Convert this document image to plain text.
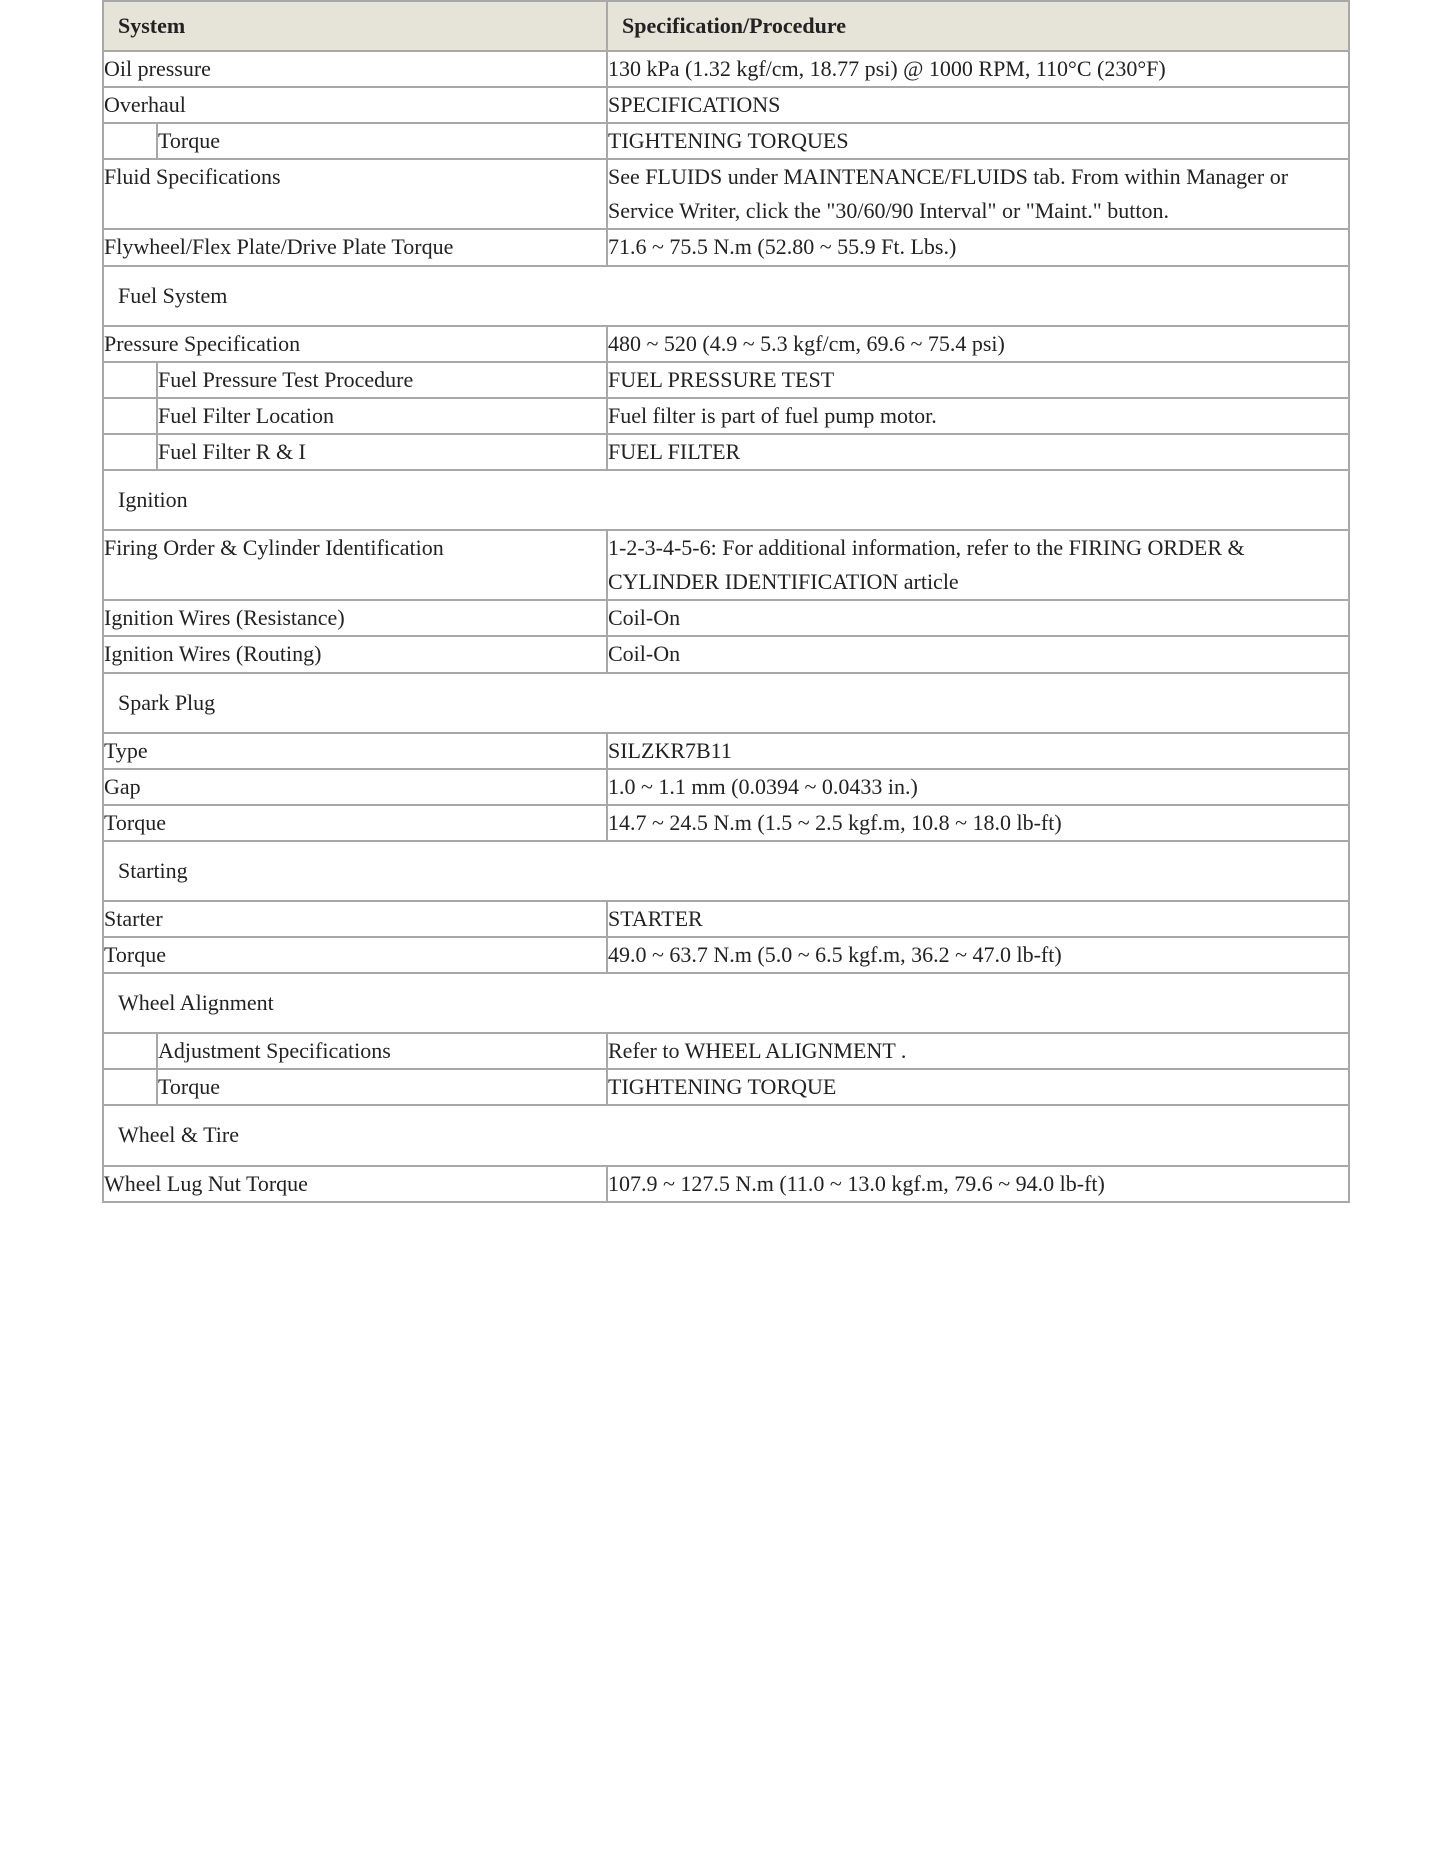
System		Specification/Procedure
Oil pressure		130 kPa (1.32 kgf/cm, 18.77 psi) @ 1000 RPM, 110°C (230°F)
Overhaul		SPECIFICATIONS
	Torque	TIGHTENING TORQUES
Fluid Specifications		See FLUIDS under MAINTENANCE/FLUIDS tab. From within Manager or Service Writer, click the "30/60/90 Interval" or "Maint." button.
Flywheel/Flex Plate/Drive Plate Torque		71.6 ~ 75.5 N.m (52.80 ~ 55.9 Ft. Lbs.)
Fuel System		
Pressure Specification		480 ~ 520 (4.9 ~ 5.3 kgf/cm, 69.6 ~ 75.4 psi)
	Fuel Pressure Test Procedure	FUEL PRESSURE TEST
	Fuel Filter Location	Fuel filter is part of fuel pump motor.
	Fuel Filter R & I	FUEL FILTER
Ignition		
Firing Order & Cylinder Identification		1-2-3-4-5-6: For additional information, refer to the FIRING ORDER & CYLINDER IDENTIFICATION article
Ignition Wires (Resistance)		Coil-On
Ignition Wires (Routing)		Coil-On
Spark Plug		
Type		SILZKR7B11
Gap		1.0 ~ 1.1 mm (0.0394 ~ 0.0433 in.)
Torque		14.7 ~ 24.5 N.m (1.5 ~ 2.5 kgf.m, 10.8 ~ 18.0 lb-ft)
Starting		
Starter		STARTER
Torque		49.0 ~ 63.7 N.m (5.0 ~ 6.5 kgf.m, 36.2 ~ 47.0 lb-ft)
Wheel Alignment		
	Adjustment Specifications	Refer to WHEEL ALIGNMENT .
	Torque	TIGHTENING TORQUE
Wheel & Tire		
Wheel Lug Nut Torque		107.9 ~ 127.5 N.m (11.0 ~ 13.0 kgf.m, 79.6 ~ 94.0 lb-ft)
